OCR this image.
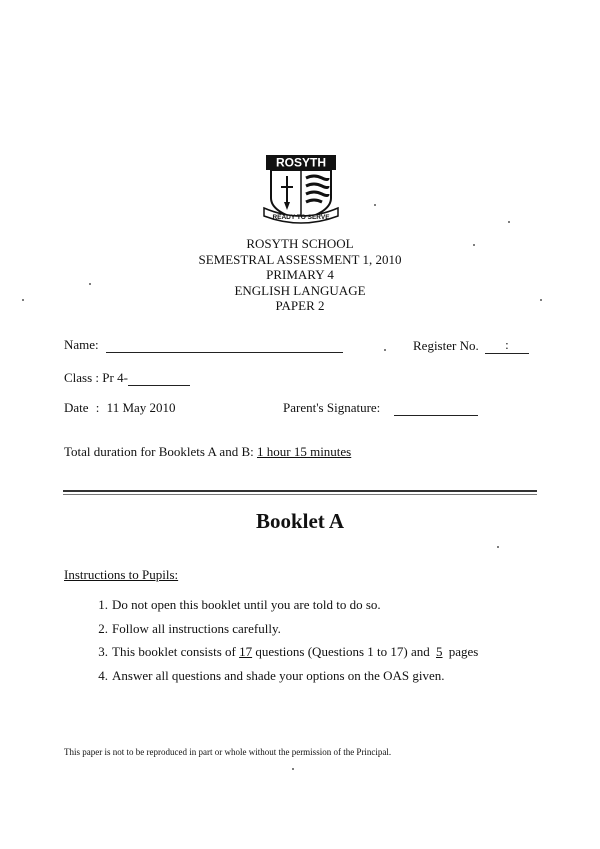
ROSYTH
READY TO SERVE
ROSYTH SCHOOL
SEMESTRAL ASSESSMENT 1, 2010
PRIMARY 4
ENGLISH LANGUAGE
PAPER 2
Name:	Register No. :
Class : Pr 4-
Date : 11 May 2010	Parent's Signature:
Total duration for Booklets A and B: 1 hour 15 minutes
Booklet A
Instructions to Pupils:
1. Do not open this booklet until you are told to do so.
2. Follow all instructions carefully.
3. This booklet consists of 17 questions (Questions 1 to 17) and 5 pages
4. Answer all questions and shade your options on the OAS given.
This paper is not to be reproduced in part or whole without the permission of the Principal.
